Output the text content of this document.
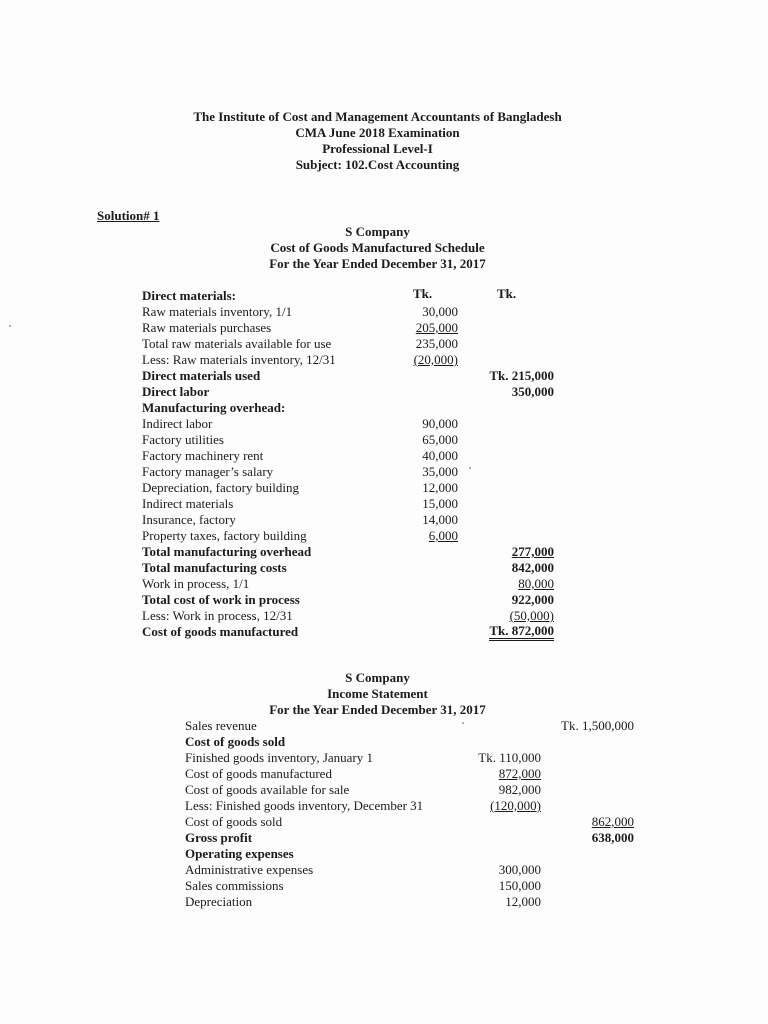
The Institute of Cost and Management Accountants of Bangladesh
CMA June 2018 Examination
Professional Level-I
Subject: 102.Cost Accounting
Solution# 1
S Company
Cost of Goods Manufactured Schedule
For the Year Ended December 31, 2017
Tk.	Tk.
Direct materials:
Raw materials inventory, 1/1
Raw materials purchases
Total raw materials available for use
Less: Raw materials inventory, 12/31
Direct materials used
Direct labor
Manufacturing overhead:
Indirect labor
Factory utilities
Factory machinery rent
Factory manager’s salary
Depreciation, factory building
Indirect materials
Insurance, factory
Property taxes, factory building
Total manufacturing overhead
Total manufacturing costs
Work in process, 1/1
Total cost of work in process
Less: Work in process, 12/31
Cost of goods manufactured
30,000
205,000
235,000
(20,000)
90,000
65,000
40,000
35,000
12,000
15,000
14,000
6,000
Tk. 215,000
350,000
277,000
842,000
80,000
922,000
(50,000)
Tk. 872,000
S Company
Income Statement
For the Year Ended December 31, 2017
Sales revenue
Cost of goods sold
Finished goods inventory, January 1
Cost of goods manufactured
Cost of goods available for sale
Less: Finished goods inventory, December 31
Cost of goods sold
Gross profit
Operating expenses
Administrative expenses
Sales commissions
Depreciation
Tk. 110,000
872,000
982,000
(120,000)
300,000
150,000
12,000
Tk. 1,500,000
862,000
638,000
